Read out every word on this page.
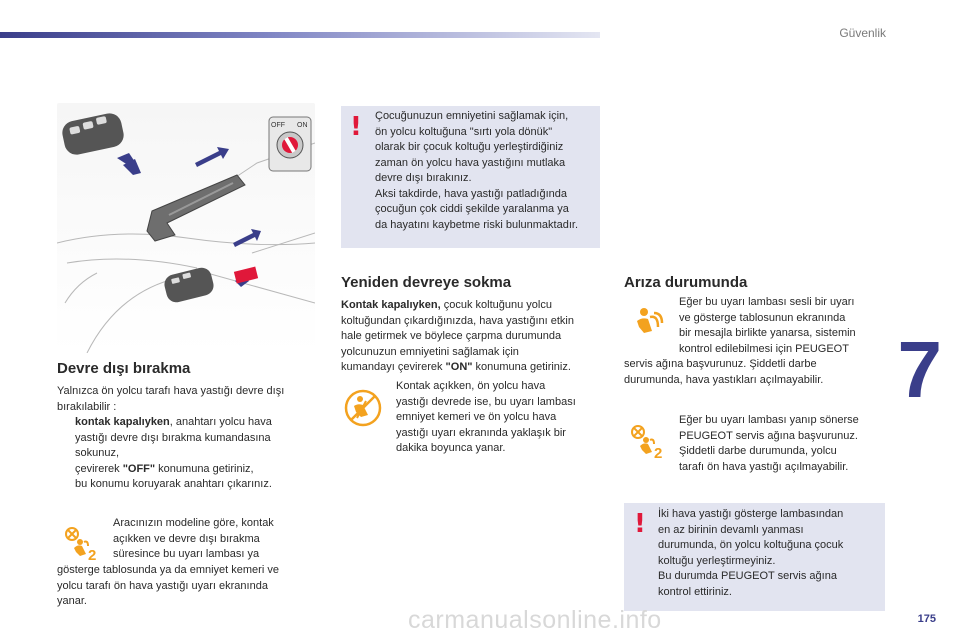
Güvenlik
7
175
OFF ON ! Çocuğunuzun emniyetini sağlamak için,
ön yolcu koltuğuna "sırtı yola dönük"
olarak bir çocuk koltuğu yerleştirdiğiniz
zaman ön yolcu hava yastığını mutlaka
devre dışı bırakınız.
Aksi takdirde, hava yastığı patladığında
çocuğun çok ciddi şekilde yaralanma ya
da hayatını kaybetme riski bulunmaktadır.
Devre dışı bırakma
Yalnızca ön yolcu tarafı hava yastığı devre dışı
bırakılabilir :
kontak kapalıyken, anahtarı yolcu hava
yastığı devre dışı bırakma kumandasına
sokunuz,
çevirerek "OFF" konumuna getiriniz,
bu konumu koruyarak anahtarı çıkarınız.
2
Aracınızın modeline göre, kontak
açıkken ve devre dışı bırakma
süresince bu uyarı lambası ya
gösterge tablosunda ya da emniyet kemeri ve
yolcu tarafı ön hava yastığı uyarı ekranında
yanar.
Yeniden devreye sokma
Kontak kapalıyken, çocuk koltuğunu yolcu
koltuğundan çıkardığınızda, hava yastığını etkin
hale getirmek ve böylece çarpma durumunda
yolcunuzun emniyetini sağlamak için
kumandayı çevirerek "ON" konumuna getiriniz.
Kontak açıkken, ön yolcu hava
yastığı devrede ise, bu uyarı lambası
emniyet kemeri ve ön yolcu hava
yastığı uyarı ekranında yaklaşık bir
dakika boyunca yanar.
Arıza durumunda
Eğer bu uyarı lambası sesli bir uyarı
ve gösterge tablosunun ekranında
bir mesajla birlikte yanarsa, sistemin
kontrol edilebilmesi için PEUGEOT
servis ağına başvurunuz. Şiddetli darbe
durumunda, hava yastıkları açılmayabilir.
2
Eğer bu uyarı lambası yanıp sönerse
PEUGEOT servis ağına başvurunuz.
Şiddetli darbe durumunda, yolcu
tarafı ön hava yastığı açılmayabilir.
! İki hava yastığı gösterge lambasından
en az birinin devamlı yanması
durumunda, ön yolcu koltuğuna çocuk
koltuğu yerleştirmeyiniz.
Bu durumda PEUGEOT servis ağına
kontrol ettiriniz.
carmanualsonline.info
